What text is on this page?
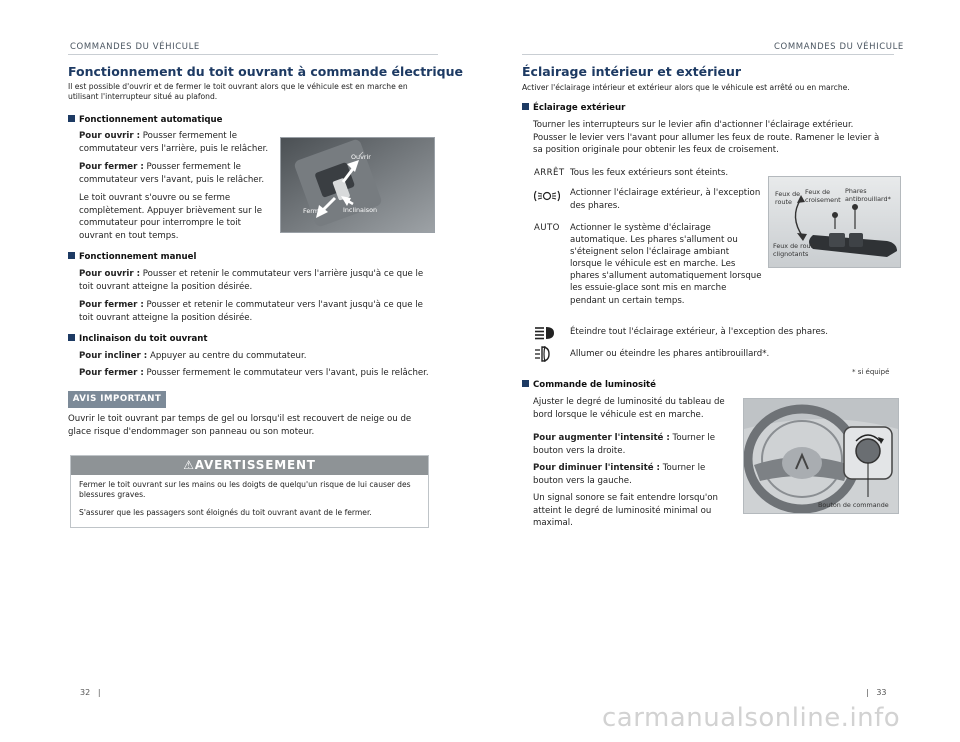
COMMANDES DU VÉHICULE
Fonctionnement du toit ouvrant à commande électrique
Il est possible d'ouvrir et de fermer le toit ouvrant alors que le véhicule est en marche en utilisant l'interrupteur situé au plafond.
Fonctionnement automatique
Pour ouvrir : Pousser fermement le commutateur vers l'arrière, puis le relâcher.
Pour fermer : Pousser fermement le commutateur vers l'avant, puis le relâcher.
Le toit ouvrant s'ouvre ou se ferme complètement. Appuyer brièvement sur le commutateur pour interrompre le toit ouvrant en tout temps.
Ouvrir
Fermer	Inclinaison
Fonctionnement manuel
Pour ouvrir : Pousser et retenir le commutateur vers l'arrière jusqu'à ce que le toit ouvrant atteigne la position désirée.
Pour fermer : Pousser et retenir le commutateur vers l'avant jusqu'à ce que le toit ouvrant atteigne la position désirée.
Inclinaison du toit ouvrant
Pour incliner : Appuyer au centre du commutateur.
Pour fermer : Pousser fermement le commutateur vers l'avant, puis le relâcher.
AVIS IMPORTANT
Ouvrir le toit ouvrant par temps de gel ou lorsqu'il est recouvert de neige ou de glace risque d'endommager son panneau ou son moteur.
⚠AVERTISSEMENT
Fermer le toit ouvrant sur les mains ou les doigts de quelqu'un risque de lui causer des blessures graves.
S'assurer que les passagers sont éloignés du toit ouvrant avant de le fermer.
32   |
COMMANDES DU VÉHICULE
Éclairage intérieur et extérieur
Activer l'éclairage intérieur et extérieur alors que le véhicule est arrêté ou en marche.
Éclairage extérieur
Tourner les interrupteurs sur le levier afin d'actionner l'éclairage extérieur. Pousser le levier vers l'avant pour allumer les feux de route. Ramener le levier à sa position originale pour obtenir les feux de croisement.
ARRÊT Tous les feux extérieurs sont éteints.
Actionner l'éclairage extérieur, à l'exception des phares.
AUTO Actionner le système d'éclairage automatique. Les phares s'allument ou s'éteignent selon l'éclairage ambiant lorsque le véhicule est en marche. Les phares s'allument automatiquement lorsque les essuie-glace sont mis en marche pendant un certain temps.
Éteindre tout l'éclairage extérieur, à l'exception des phares.
Allumer ou éteindre les phares antibrouillard*.
* si équipé
Feux de route
Feux de croisement
Phares antibrouillard*
Feux de route clignotants
Commande de luminosité
Ajuster le degré de luminosité du tableau de bord lorsque le véhicule est en marche.
Pour augmenter l'intensité : Tourner le bouton vers la droite.
Pour diminuer l'intensité : Tourner le bouton vers la gauche.
Un signal sonore se fait entendre lorsqu'on atteint le degré de luminosité minimal ou maximal.
Bouton de commande
|   33
carmanualsonline.info
